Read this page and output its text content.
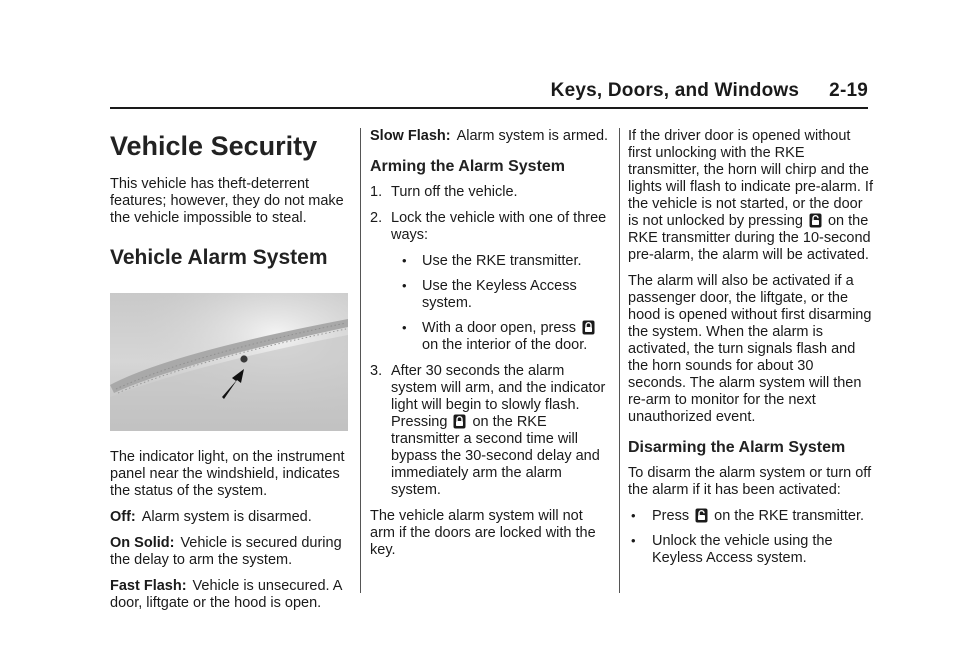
Keys, Doors, and Windows 2-19
Vehicle Security

This vehicle has theft-deterrent features; however, they do not make the vehicle impossible to steal.

Vehicle Alarm System

The indicator light, on the instrument panel near the windshield, indicates the status of the system.

Off: Alarm system is disarmed.

On Solid: Vehicle is secured during the delay to arm the system.

Fast Flash: Vehicle is unsecured. A door, liftgate or the hood is open.

Slow Flash: Alarm system is armed.

Arming the Alarm System
1. Turn off the vehicle.
2. Lock the vehicle with one of three ways:
• Use the RKE transmitter.
• Use the Keyless Access system.
• With a door open, press  on the interior of the door.
3. After 30 seconds the alarm system will arm, and the indicator light will begin to slowly flash. Pressing on the RKE transmitter a second time will bypass the 30-second delay and immediately arm the alarm system.

The vehicle alarm system will not arm if the doors are locked with the key.

If the driver door is opened without first unlocking with the RKE transmitter, the horn will chirp and the lights will flash to indicate pre-alarm. If the vehicle is not started, or the door is not unlocked by pressing on the RKE transmitter during the 10-second pre-alarm, the alarm will be activated.

The alarm will also be activated if a passenger door, the liftgate, or the hood is opened without first disarming the system. When the alarm is activated, the turn signals flash and the horn sounds for about 30 seconds. The alarm system will then re-arm to monitor for the next unauthorized event.

Disarming the Alarm System

To disarm the alarm system or turn off the alarm if it has been activated:

• Press on the RKE transmitter.
• Unlock the vehicle using the Keyless Access system.
